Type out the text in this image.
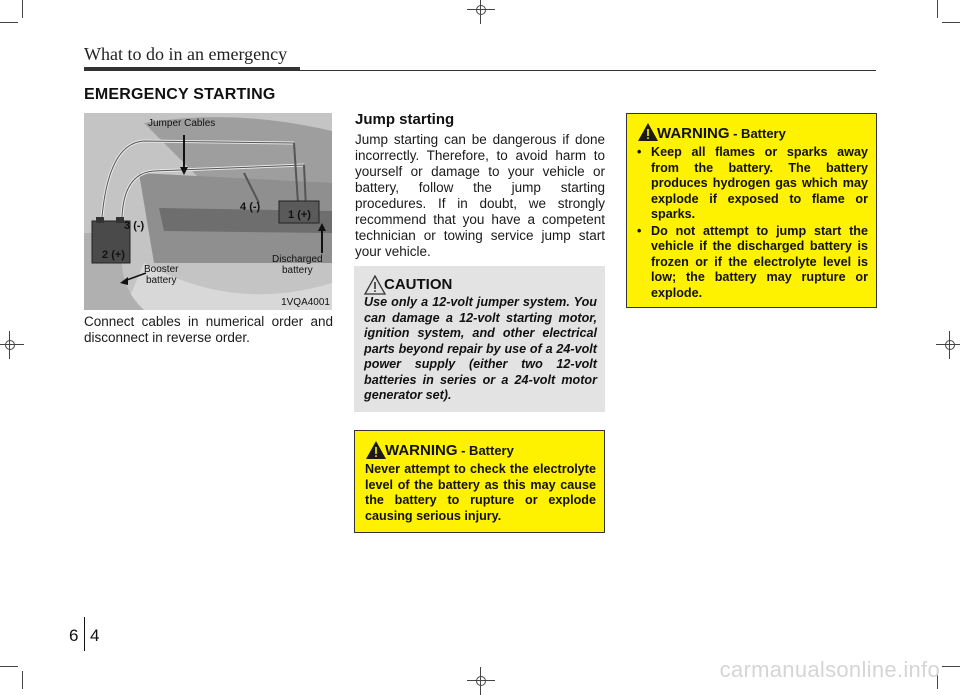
What to do in an emergency
EMERGENCY STARTING
Jumper Cables
Booster
battery
Discharged
battery
3 (-)
2 (+)
4 (-)
1 (+)
1VQA4001
Connect cables in numerical order and disconnect in reverse order.
Jump starting
Jump starting can be dangerous if done incorrectly. Therefore, to avoid harm to yourself or damage to your vehicle or battery, follow the jump starting procedures. If in doubt, we strongly recommend that you have a competent technician or towing service jump start your vehicle.
CAUTION
Use only a 12-volt jumper system. You can damage a 12-volt starting motor, ignition system, and other electrical parts beyond repair by use of a 24-volt power supply (either two 12-volt batteries in series or a 24-volt motor generator set).
WARNING - Battery
Never attempt to check the electrolyte level of the battery as this may cause the battery to rupture or explode causing serious injury.
WARNING - Battery
• Keep all flames or sparks away from the battery. The battery produces hydrogen gas which may explode if exposed to flame or sparks.
• Do not attempt to jump start the vehicle if the discharged battery is frozen or if the electrolyte level is low; the battery may rupture or explode.
6 4
carmanualsonline.info
